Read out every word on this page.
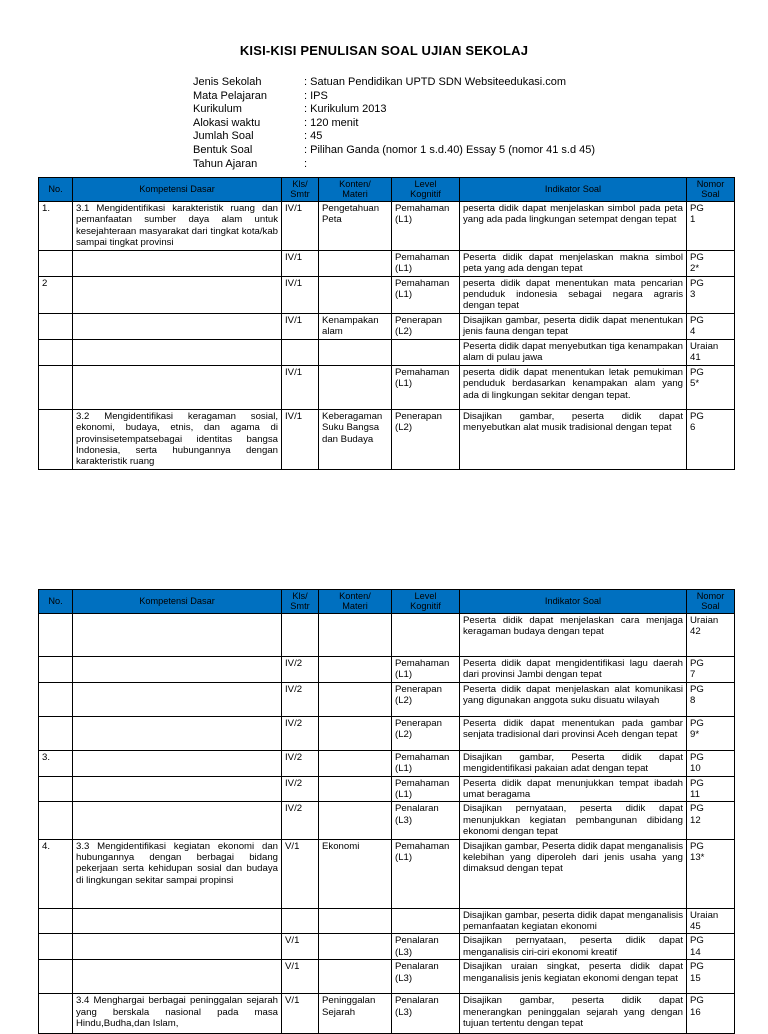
KISI-KISI PENULISAN SOAL UJIAN SEKOLAJ
Jenis Sekolah	: Satuan Pendidikan UPTD SDN Websiteedukasi.com
Mata Pelajaran	: IPS
Kurikulum	: Kurikulum 2013
Alokasi waktu	: 120 menit
Jumlah Soal	: 45
Bentuk Soal	: Pilihan Ganda (nomor 1 s.d.40) Essay 5 (nomor 41 s.d 45)
Tahun Ajaran	:
No.	Kompetensi Dasar	Kls/
Smtr	Konten/
Materi	Level
Kognitif	Indikator Soal	Nomor
Soal
1.	3.1 Mengidentifikasi karakteristik ruang dan pemanfaatan sumber daya alam untuk kesejahteraan masyarakat dari tingkat kota/kab sampai tingkat provinsi	IV/1	Pengetahuan Peta	Pemahaman (L1)	peserta didik dapat menjelaskan simbol pada peta yang ada pada lingkungan setempat dengan tepat	PG
1
		IV/1		Pemahaman (L1)	Peserta didik dapat menjelaskan makna simbol peta yang ada dengan tepat	PG
2*
2		IV/1		Pemahaman (L1)	peserta didik dapat menentukan mata pencarian penduduk indonesia sebagai negara agraris dengan tepat	PG
3
		IV/1	Kenampakan alam	Penerapan (L2)	Disajikan gambar, peserta didik dapat menentukan jenis fauna dengan tepat	PG
4
					Peserta didik dapat menyebutkan tiga kenampakan alam di pulau jawa	Uraian
41
		IV/1		Pemahaman (L1)	peserta didik dapat menentukan letak pemukiman penduduk berdasarkan kenampakan alam yang ada di lingkungan sekitar dengan tepat.	PG
5*
	3.2 Mengidentifikasi keragaman sosial, ekonomi, budaya, etnis, dan agama di provinsisetempatsebagai identitas bangsa Indonesia, serta hubungannya dengan karakteristik ruang	IV/1	Keberagaman Suku Bangsa dan Budaya	Penerapan (L2)	Disajikan gambar, peserta didik dapat menyebutkan alat musik tradisional dengan tepat	PG
6
No.	Kompetensi Dasar	Kls/
Smtr	Konten/
Materi	Level
Kognitif	Indikator Soal	Nomor
Soal
					Peserta didik dapat menjelaskan cara menjaga keragaman budaya dengan tepat	Uraian
42
		IV/2		Pemahaman (L1)	Peserta didik dapat mengidentifikasi lagu daerah dari provinsi Jambi dengan tepat	PG
7
		IV/2		Penerapan (L2)	Peserta didik dapat menjelaskan alat komunikasi yang digunakan anggota suku disuatu wilayah	PG
8
		IV/2		Penerapan (L2)	Peserta didik dapat menentukan pada gambar senjata tradisional dari provinsi Aceh dengan tepat	PG
9*
3.		IV/2		Pemahaman (L1)	Disajikan gambar, Peserta didik dapat mengidentifikasi pakaian adat dengan tepat	PG
10
		IV/2		Pemahaman (L1)	Peserta didik dapat menunjukkan tempat ibadah umat beragama	PG
11
		IV/2		Penalaran (L3)	Disajikan pernyataan, peserta didik dapat menunjukkan kegiatan pembangunan dibidang ekonomi dengan tepat	PG
12
4.	3.3 Mengidentifikasi kegiatan ekonomi dan hubungannya dengan berbagai bidang pekerjaan serta kehidupan sosial dan budaya di lingkungan sekitar sampai propinsi	V/1	Ekonomi	Pemahaman (L1)	Disajikan gambar, Peserta didik dapat menganalisis kelebihan yang diperoleh dari jenis usaha yang dimaksud dengan tepat	PG
13*
					Disajikan gambar, peserta didik dapat menganalisis pemanfaatan kegiatan ekonomi	Uraian
45
		V/1		Penalaran (L3)	Disajikan pernyataan, peserta didik dapat menganalisis ciri-ciri ekonomi kreatif	PG
14
		V/1		Penalaran (L3)	Disajikan uraian singkat, peserta didik dapat menganalisis jenis kegiatan ekonomi dengan tepat	PG
15
	3.4 Menghargai berbagai peninggalan sejarah yang berskala nasional pada masa Hindu,Budha,dan Islam,	V/1	Peninggalan Sejarah	Penalaran (L3)	Disajikan gambar, peserta didik dapat menerangkan peninggalan sejarah yang dengan tujuan tertentu dengan tepat	PG
16
